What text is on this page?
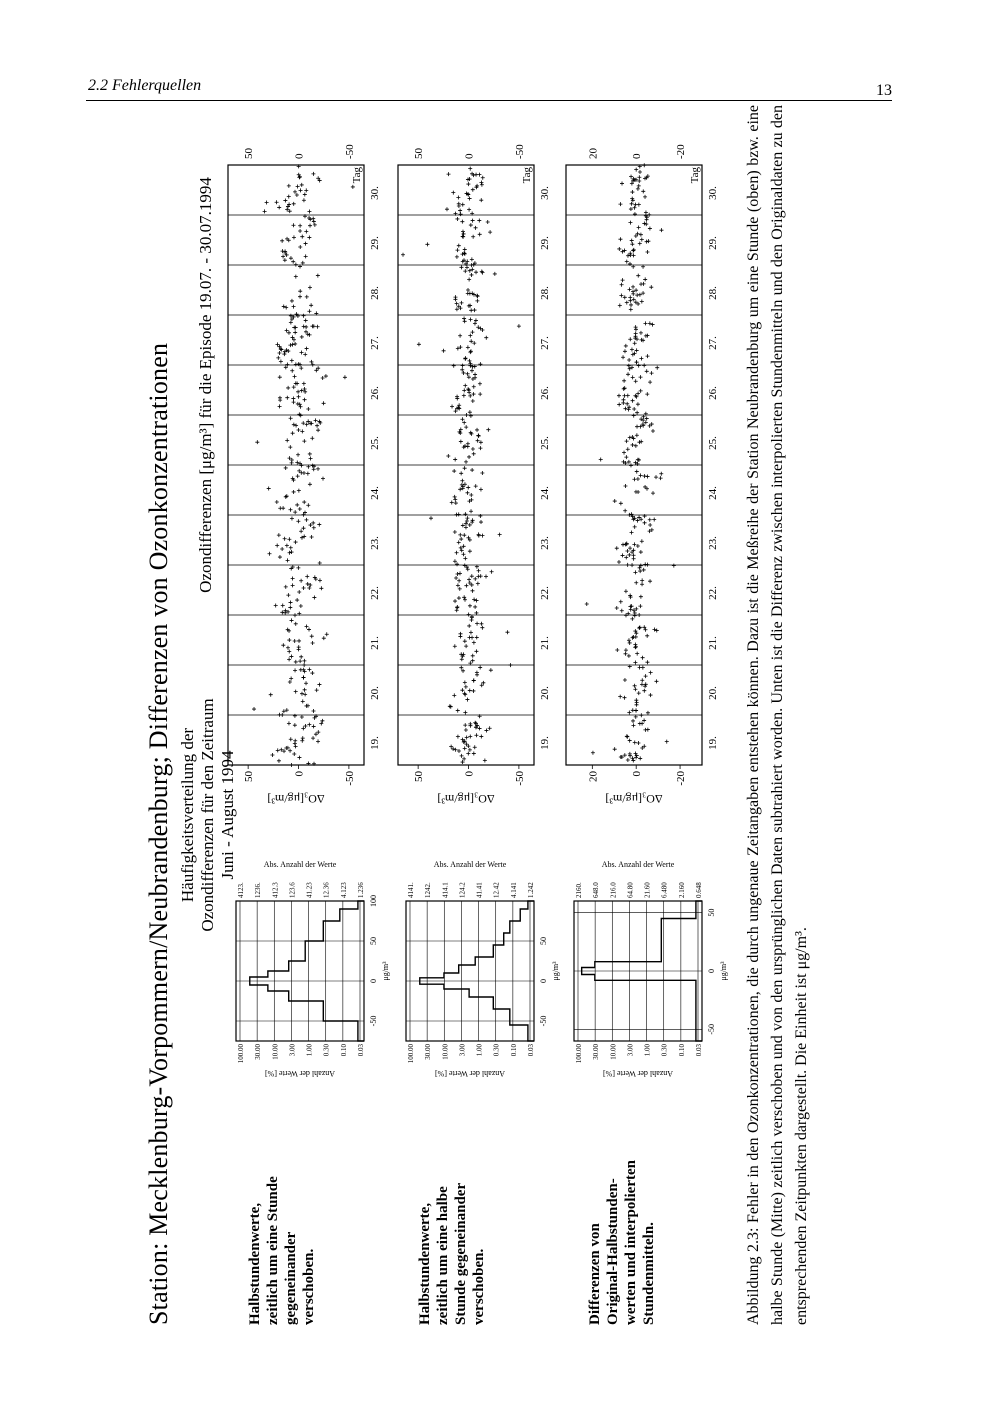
2.2 Fehlerquellen	13
Station: Mecklenburg-Vorpommern/Neubrandenburg; Differenzen von Ozonkonzentrationen Häufigkeitsverteilung der Ozondifferenzen für den Zeitraum Juni - August 1994
Ozondifferenzen [μg/m³] für die Episode 19.07. - 30.07.1994
Halbstundenwerte, zeitlich um eine Stunde gegeneinander verschoben.	Halbstundenwerte, zeitlich um eine halbe Stunde gegeneinander verschoben.	Differenzen von Original-Halbstunden- werten und interpolierten Stundenmitteln.
100.00
4123.
30.00
1236.
10.00
412.3
3.00
123.6
1.00
41.23
0.30
12.36
0.10
4.123
0.03
1.236
-50
0
50
100
μg/m³
Anzahl der Werte [%]
Abs. Anzahl der Werte
100.00
4141.
30.00
1242.
10.00
414.1
3.00
124.2
1.00
41.41
0.30
12.42
0.10
4.141
0.03
1.242
-50
0
50
μg/m³
Anzahl der Werte [%]
Abs. Anzahl der Werte
100.00
2160.
30.00
648.0
10.00
216.0
3.00
64.80
1.00
21.60
0.30
6.480
0.10
2.160
0.03
0.648
-50
0
50
μg/m³
Anzahl der Werte [%]
Abs. Anzahl der Werte
19.
20.
21.
22.
23.
24.
25.
26.
27.
28.
29.
30.
50
50
0
0
-50
-50
Tag
ΔO₃[μg/m³]
19.
20.
21.
22.
23.
24.
25.
26.
27.
28.
29.
30.
50
50
0
0
-50
-50
Tag
ΔO₃[μg/m³]
19.
20.
21.
22.
23.
24.
25.
26.
27.
28.
29.
30.
20
20
0
0
-20
-20
Tag
ΔO₃[μg/m³]	Abbildung 2.3: Fehler in den Ozonkonzentrationen, die durch ungenaue Zeitangaben entstehen können. Dazu ist die Meßreihe der Station Neubrandenburg um eine Stunde (oben) bzw. eine halbe Stunde (Mitte) zeitlich verschoben und von den ursprünglichen Daten subtrahiert worden. Unten ist die Differenz zwischen interpolierten Stundenmitteln und den Originaldaten zu den entsprechenden Zeitpunkten dargestellt. Die Einheit ist μg/m³.
